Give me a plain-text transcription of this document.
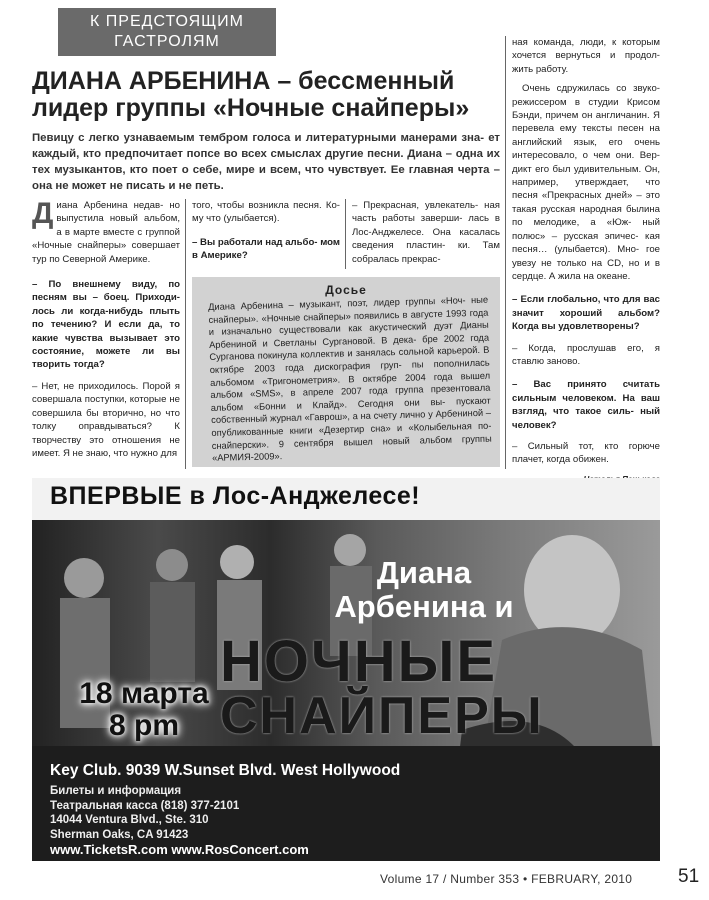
К ПРЕДСТОЯЩИМ
ГАСТРОЛЯМ
ДИАНА АРБЕНИНА – бессменный
лидер группы «Ночные снайперы»
Певицу с легко узнаваемым тембром голоса и литературными манерами зна- ет каждый, кто предпочитает попсе во всех смыслах другие песни. Диана – одна их тех музыкантов, кто поет о себе, мире и всем, что чувствует. Ее главная черта – она не может не писать и не петь.

Диана Арбенина недав- но выпустила новый альбом, а в марте вместе с группой «Ночные снайперы» совершает тур по Северной Америке.

– По внешнему виду, по песням вы – боец. Приходи- лось ли когда-нибудь плыть по течению? И если да, то какие чувства вызывает это состояние, можете ли вы творить тогда?

– Нет, не приходилось. Порой я совершала поступки, которые не совершила бы вторично, но что толку оправдываться? К творчеству это отношения не имеет. Я не знаю, что нужно для

того, чтобы возникла песня. Ко- му что (улыбается).

– Вы работали над альбо- мом в Америке?

– Прекрасная, увлекатель- ная часть работы заверши- лась в Лос-Анджелесе. Она касалась сведения пластин- ки. Там собралась прекрас-

ная команда, люди, к которым хочется вернуться и продол- жить работу.

Очень сдружилась со звуко- режиссером в студии Крисом Бэнди, причем он англичанин. Я перевела ему тексты песен на английский язык, его очень интересовало, о чем они. Вер- дикт его был удивительным. Он, например, утверждает, что песня «Прекрасных дней» – это такая русская народная былина по мелодике, а «Юж- ный полюс» – русская эпичес- кая песня… (улыбается). Мно- гое увезу не только на CD, но и в сердце. А жила на океане.

– Если глобально, что для вас значит хороший альбом? Когда вы удовлетворены?

– Когда, прослушав его, я ставлю заново.

– Вас принято считать сильным человеком. На ваш взгляд, что такое силь- ный человек?

– Сильный тот, кто горюче плачет, когда обижен.

Досье
Диана Арбенина – музыкант, поэт, лидер группы «Ноч- ные снайперы». «Ночные снайперы» появились в августе 1993 года и изначально существовали как акустический дуэт Дианы Арбениной и Светланы Сургановой. В дека- бре 2002 года Сурганова покинула коллектив и занялась сольной карьерой. В октябре 2003 года дискография груп- пы пополнилась альбомом «Тригонометрия». В октябре 2004 года вышел альбом «SMS», в апреле 2007 года группа презентовала альбом «Бонни и Клайд». Сегодня они вы- пускают собственный журнал «Гаврош», а на счету лично у Арбениной – опубликованные книги «Дезертир сна» и «Колыбельная по-снайперски». 9 сентября вышел новый альбом группы «АРМИЯ-2009».
ВПЕРВЫЕ в Лос-Анджелесе!
Диана
Арбенина и
НОЧНЫЕ
СНАЙПЕРЫ
18 марта
8 pm
Key Club. 9039 W.Sunset Blvd. West Hollywood
Билеты и информация
Театральная касса (818) 377-2101
14044 Ventura Blvd., Ste. 310
Sherman Oaks, CA 91423
www.TicketsR.com www.RosConcert.com
Volume 17 / Number 353 • FEBRUARY, 2010 51
